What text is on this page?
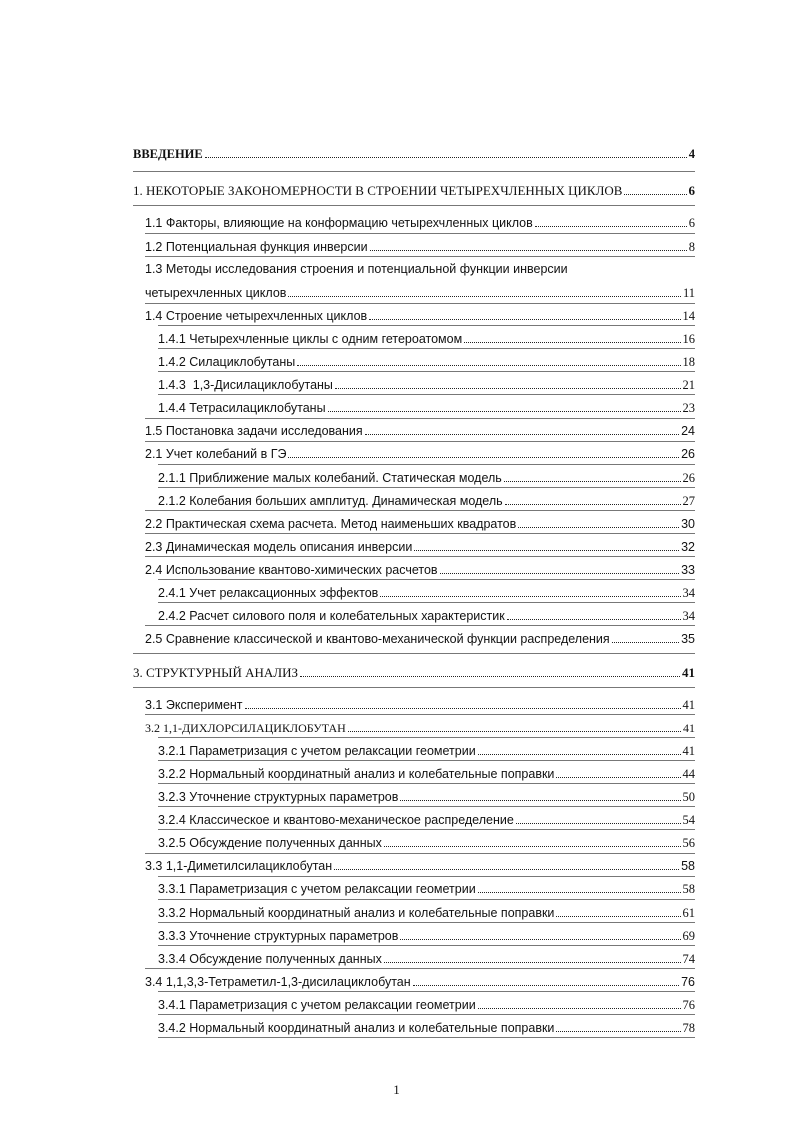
ВВЕДЕНИЕ	4
1. НЕКОТОРЫЕ ЗАКОНОМЕРНОСТИ В СТРОЕНИИ ЧЕТЫРЕХЧЛЕННЫХ ЦИКЛОВ	6
1.1 Факторы, влияющие на конформацию четырехчленных циклов	6
1.2 Потенциальная функция инверсии	8
1.3 Методы исследования строения и потенциальной функции инверсии
четырехчленных циклов	11
1.4 Строение четырехчленных циклов	14
1.4.1 Четырехчленные циклы с одним гетероатомом	16
1.4.2 Силациклобутаны	18
1.4.3  1,3-Дисилациклобутаны	21
1.4.4 Тетрасилациклобутаны	23
1.5 Постановка задачи исследования	24
2.1 Учет колебаний в ГЭ	26
2.1.1 Приближение малых колебаний. Статическая модель	26
2.1.2 Колебания больших амплитуд. Динамическая модель	27
2.2 Практическая схема расчета. Метод наименьших квадратов	30
2.3 Динамическая модель описания инверсии	32
2.4 Использование квантово-химических расчетов	33
2.4.1 Учет релаксационных эффектов	34
2.4.2 Расчет силового поля и колебательных характеристик	34
2.5 Сравнение классической и квантово-механической функции распределения	35
3. СТРУКТУРНЫЙ АНАЛИЗ	41
3.1 Эксперимент	41
3.2 1,1-ДИХЛОРСИЛАЦИКЛОБУТАН	41
3.2.1 Параметризация с учетом релаксации геометрии	41
3.2.2 Нормальный координатный анализ и колебательные поправки	44
3.2.3 Уточнение структурных параметров	50
3.2.4 Классическое и квантово-механическое распределение	54
3.2.5 Обсуждение полученных данных	56
3.3 1,1-Диметилсилациклобутан	58
3.3.1 Параметризация с учетом релаксации геометрии	58
3.3.2 Нормальный координатный анализ и колебательные поправки	61
3.3.3 Уточнение структурных параметров	69
3.3.4 Обсуждение полученных данных	74
3.4 1,1,3,3-Тетраметил-1,3-дисилациклобутан	76
3.4.1 Параметризация с учетом релаксации геометрии	76
3.4.2 Нормальный координатный анализ и колебательные поправки	78
1
